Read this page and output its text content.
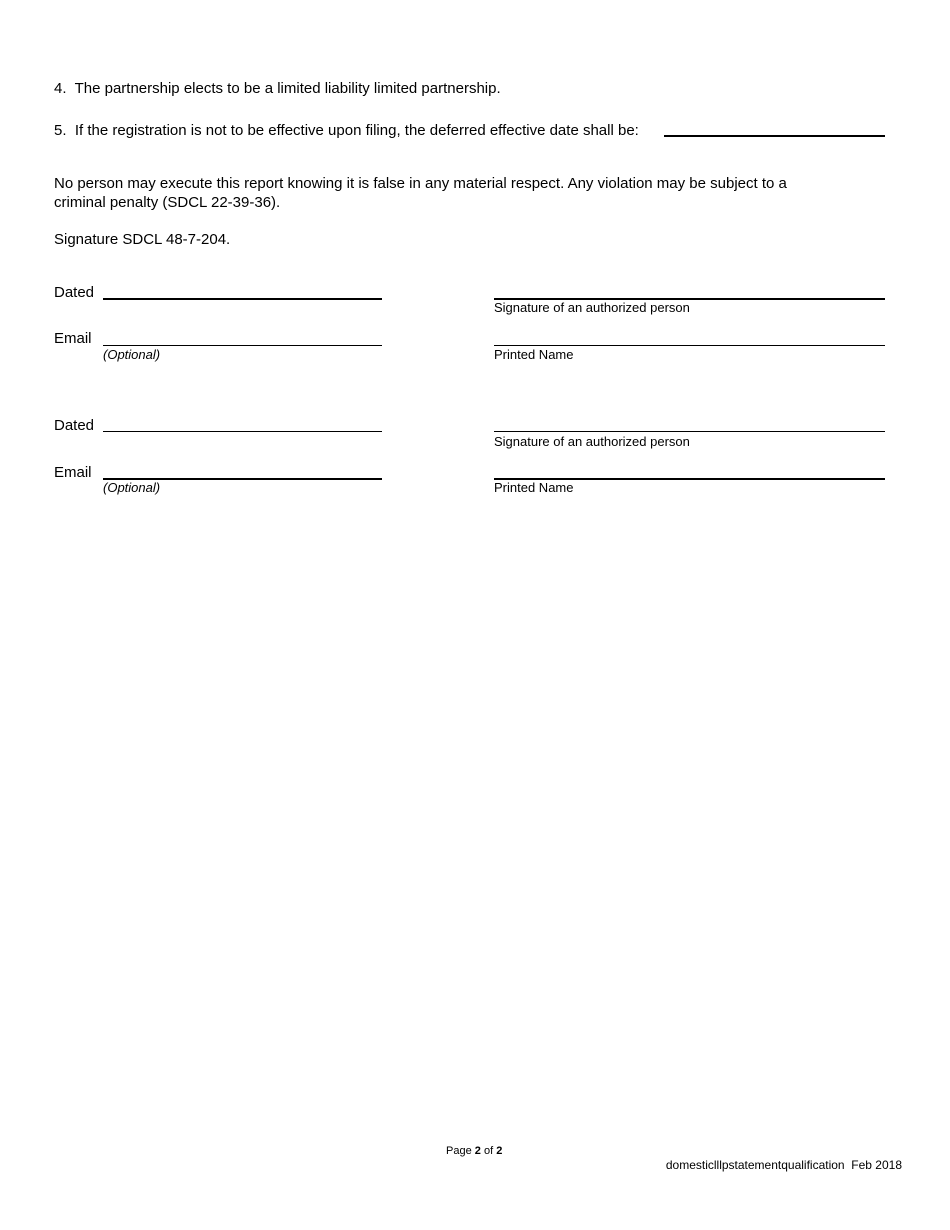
4. The partnership elects to be a limited liability limited partnership.
5. If the registration is not to be effective upon filing, the deferred effective date shall be:
No person may execute this report knowing it is false in any material respect. Any violation may be subject to a
criminal penalty (SDCL 22-39-36).
Signature SDCL 48-7-204.
Dated
Signature of an authorized person
Email
(Optional)	Printed Name
Dated
Signature of an authorized person
Email
(Optional)	Printed Name
Page 2 of 2
domesticlllpstatementqualification Feb 2018
